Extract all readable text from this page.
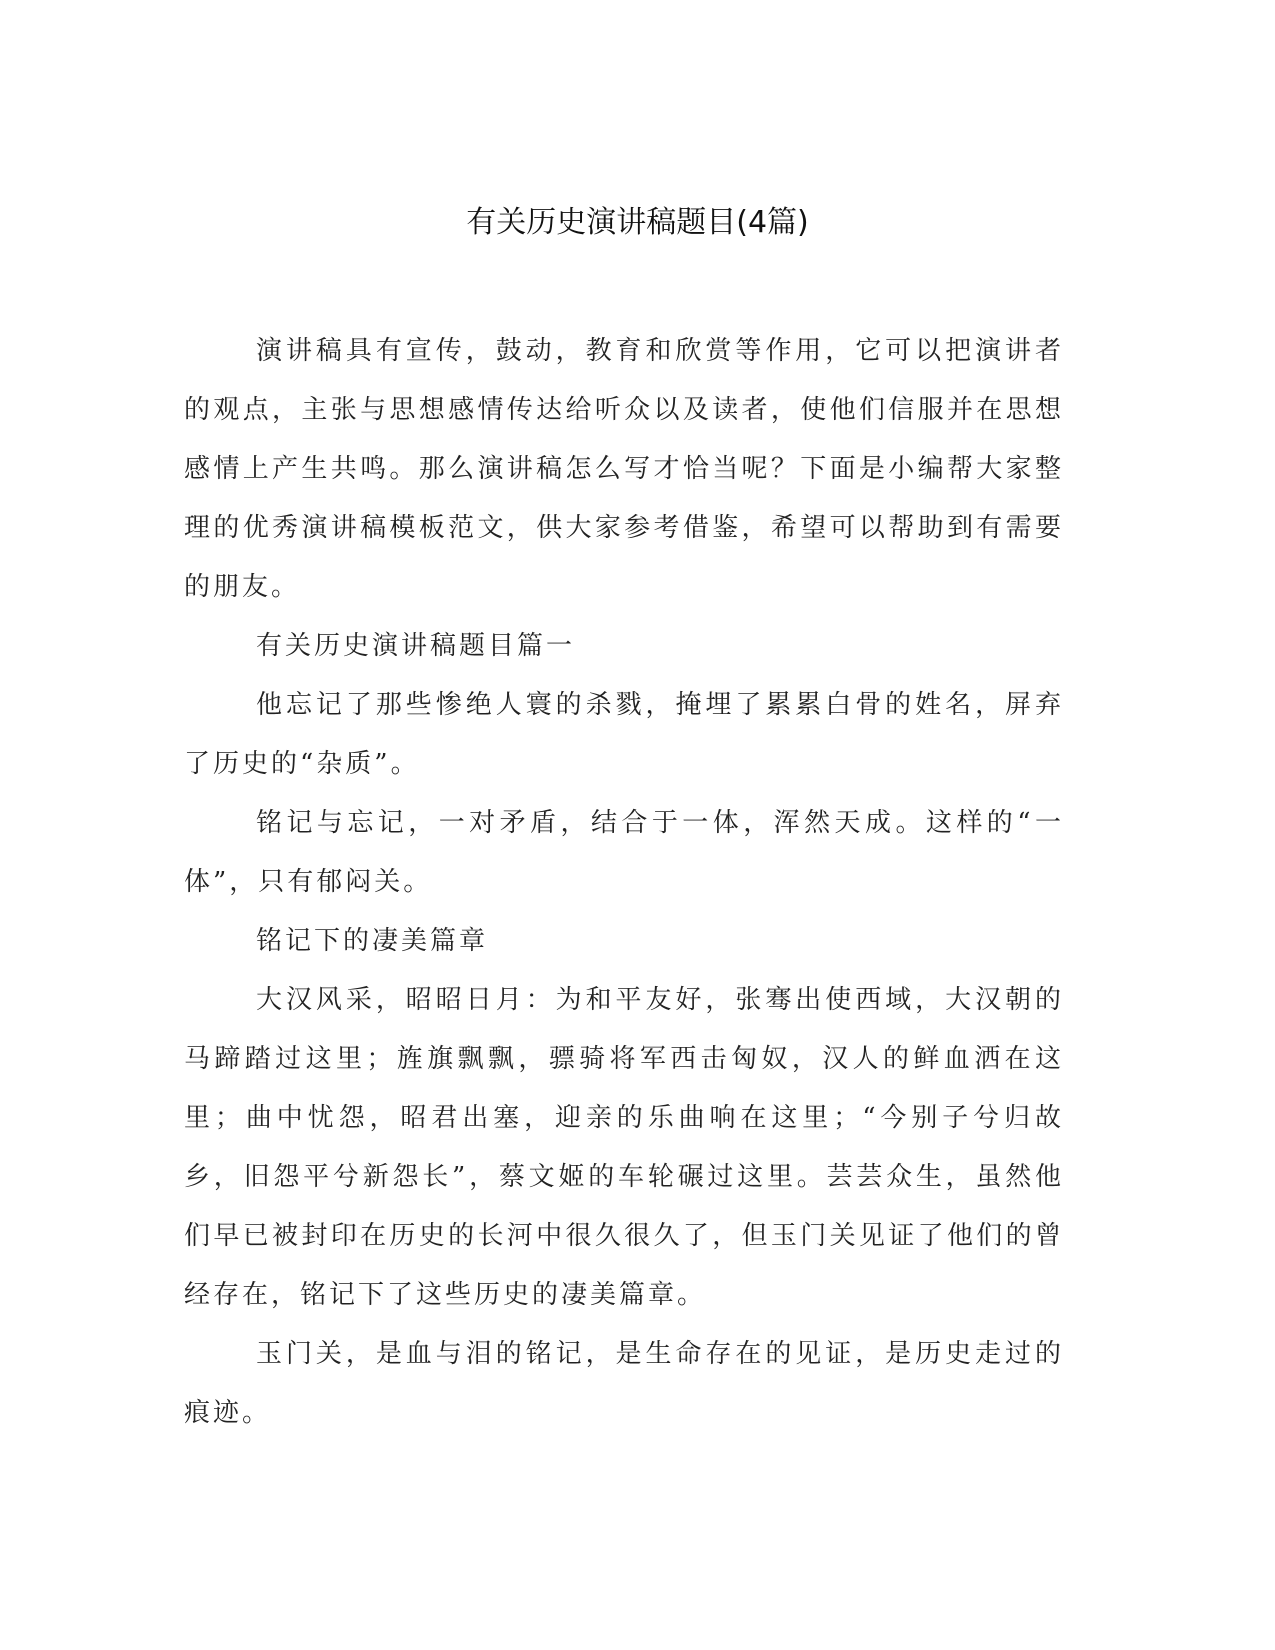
有关历史演讲稿题目(4篇)

演讲稿具有宣传，鼓动，教育和欣赏等作用，它可以把演讲者的观点，主张与思想感情传达给听众以及读者，使他们信服并在思想感情上产生共鸣。那么演讲稿怎么写才恰当呢？下面是小编帮大家整理的优秀演讲稿模板范文，供大家参考借鉴，希望可以帮助到有需要的朋友。

有关历史演讲稿题目篇一

他忘记了那些惨绝人寰的杀戮，掩埋了累累白骨的姓名，屏弃了历史的“杂质”。

铭记与忘记，一对矛盾，结合于一体，浑然天成。这样的“一体”，只有郁闷关。

铭记下的凄美篇章

大汉风采，昭昭日月：为和平友好，张骞出使西域，大汉朝的马蹄踏过这里；旌旗飘飘，骠骑将军西击匈奴，汉人的鲜血洒在这里；曲中忧怨，昭君出塞，迎亲的乐曲响在这里；“今别子兮归故乡，旧怨平兮新怨长”，蔡文姬的车轮碾过这里。芸芸众生，虽然他们早已被封印在历史的长河中很久很久了，但玉门关见证了他们的曾经存在，铭记下了这些历史的凄美篇章。

玉门关，是血与泪的铭记，是生命存在的见证，是历史走过的痕迹。
